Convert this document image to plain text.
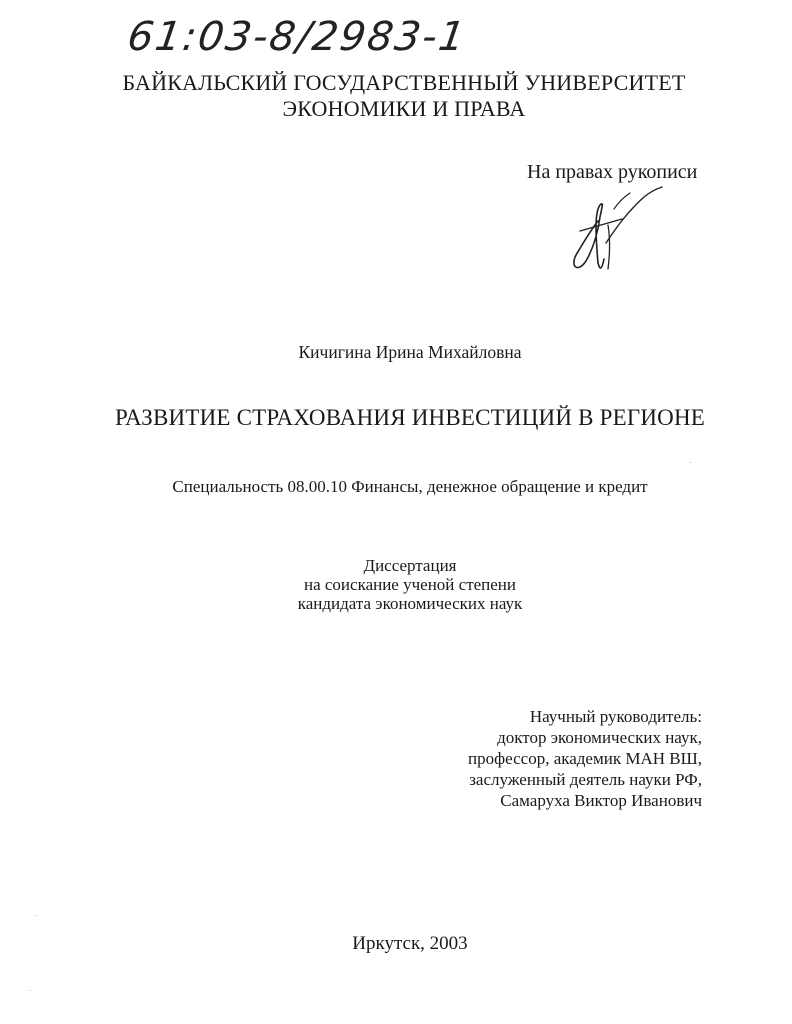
61:03-8/2983-1
БАЙКАЛЬСКИЙ ГОСУДАРСТВЕННЫЙ УНИВЕРСИТЕТ
ЭКОНОМИКИ И ПРАВА
На правах рукописи
Кичигина Ирина Михайловна
РАЗВИТИЕ СТРАХОВАНИЯ ИНВЕСТИЦИЙ В РЕГИОНЕ
Специальность 08.00.10 Финансы, денежное обращение и кредит
Диссертация
на соискание ученой степени
кандидата экономических наук
Научный руководитель:
доктор экономических наук,
профессор, академик МАН ВШ,
заслуженный деятель науки РФ,
Самаруха Виктор Иванович
Иркутск, 2003
